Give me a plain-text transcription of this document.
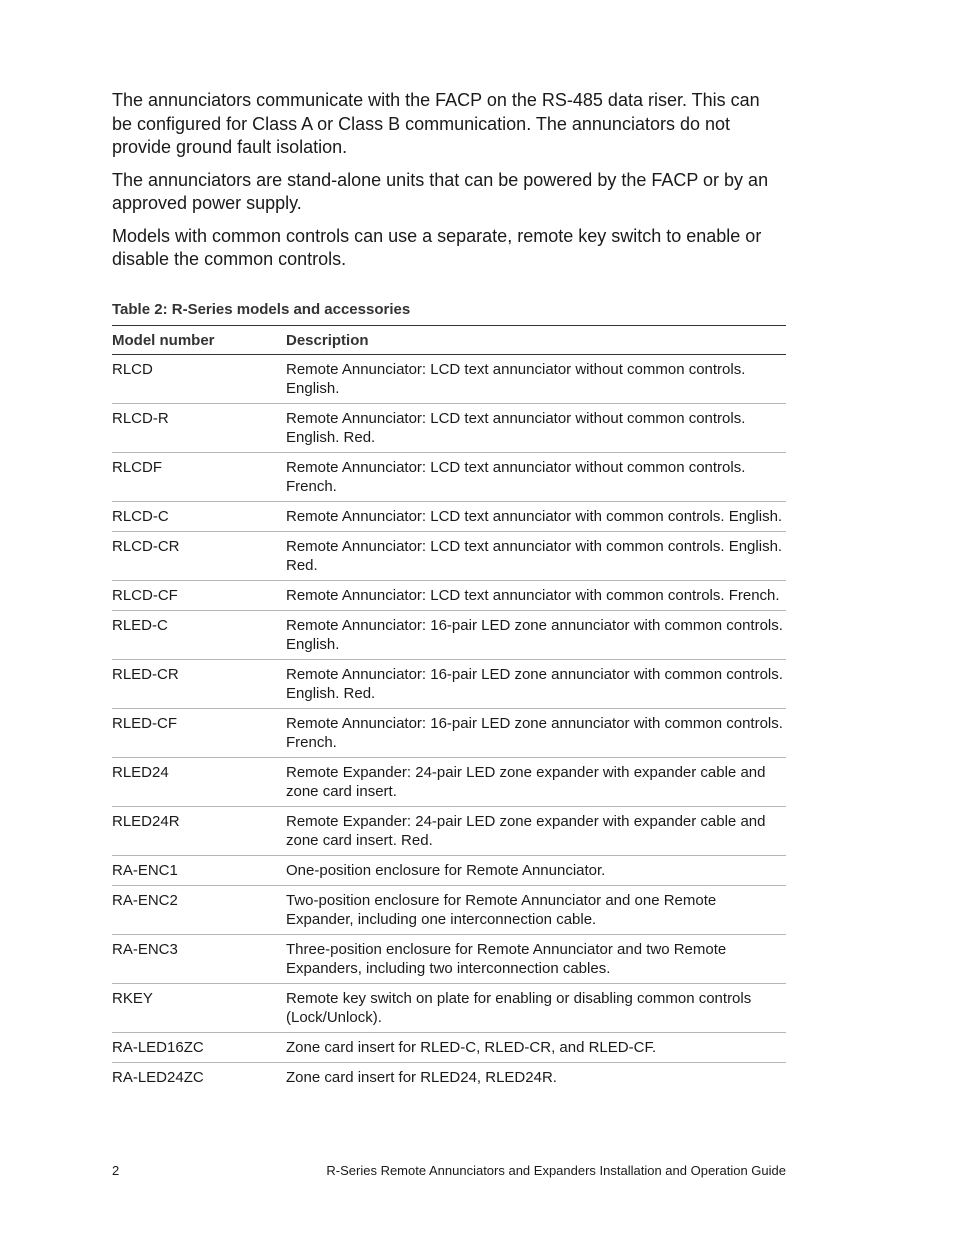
The annunciators communicate with the FACP on the RS-485 data riser. This can be configured for Class A or Class B communication. The annunciators do not provide ground fault isolation.

The annunciators are stand-alone units that can be powered by the FACP or by an approved power supply.

Models with common controls can use a separate, remote key switch to enable or disable the common controls.

Table 2: R-Series models and accessories
Model number	Description
RLCD	Remote Annunciator: LCD text annunciator without common controls. English.
RLCD-R	Remote Annunciator: LCD text annunciator without common controls. English. Red.
RLCDF	Remote Annunciator: LCD text annunciator without common controls. French.
RLCD-C	Remote Annunciator: LCD text annunciator with common controls. English.
RLCD-CR	Remote Annunciator: LCD text annunciator with common controls. English. Red.
RLCD-CF	Remote Annunciator: LCD text annunciator with common controls. French.
RLED-C	Remote Annunciator: 16-pair LED zone annunciator with common controls. English.
RLED-CR	Remote Annunciator: 16-pair LED zone annunciator with common controls. English. Red.
RLED-CF	Remote Annunciator: 16-pair LED zone annunciator with common controls. French.
RLED24	Remote Expander: 24-pair LED zone expander with expander cable and zone card insert.
RLED24R	Remote Expander: 24-pair LED zone expander with expander cable and zone card insert. Red.
RA-ENC1	One-position enclosure for Remote Annunciator.
RA-ENC2	Two-position enclosure for Remote Annunciator and one Remote Expander, including one interconnection cable.
RA-ENC3	Three-position enclosure for Remote Annunciator and two Remote Expanders, including two interconnection cables.
RKEY	Remote key switch on plate for enabling or disabling common controls (Lock/Unlock).
RA-LED16ZC	Zone card insert for RLED-C, RLED-CR, and RLED-CF.
RA-LED24ZC	Zone card insert for RLED24, RLED24R.
2	R-Series Remote Annunciators and Expanders Installation and Operation Guide
